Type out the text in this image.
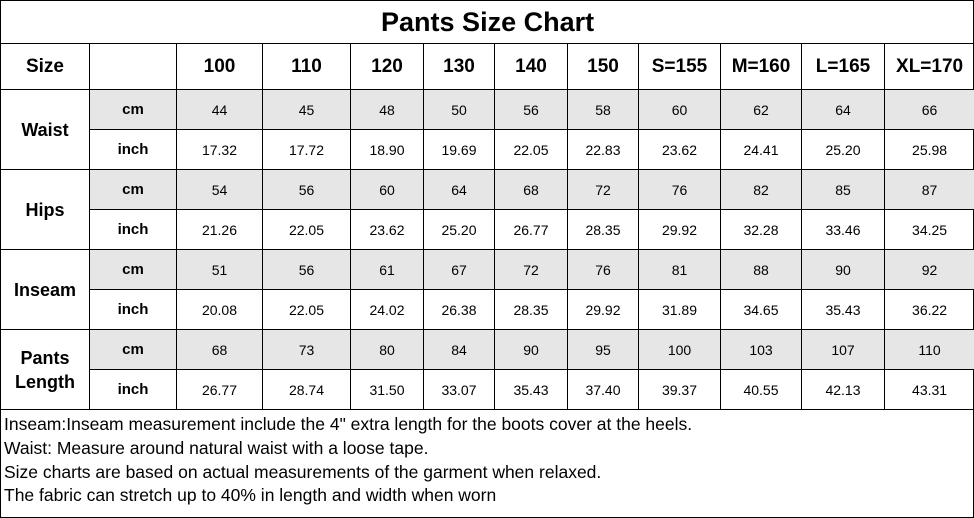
Pants Size Chart											
Size		100	110	120	130	140	150	S=155	M=160	L=165	XL=170
Waist	cm	44	45	48	50	56	58	60	62	64	66
	inch	17.32	17.72	18.90	19.69	22.05	22.83	23.62	24.41	25.20	25.98
Hips	cm	54	56	60	64	68	72	76	82	85	87
	inch	21.26	22.05	23.62	25.20	26.77	28.35	29.92	32.28	33.46	34.25
Inseam	cm	51	56	61	67	72	76	81	88	90	92
	inch	20.08	22.05	24.02	26.38	28.35	29.92	31.89	34.65	35.43	36.22
Pants Length	cm	68	73	80	84	90	95	100	103	107	110
	inch	26.77	28.74	31.50	33.07	35.43	37.40	39.37	40.55	42.13	43.31
Inseam:Inseam measurement include the 4" extra length for the boots cover at the heels.
Waist: Measure around natural waist with a loose tape.
Size charts are based on actual measurements of the garment when relaxed.
The fabric can stretch up to 40% in length and width when worn
